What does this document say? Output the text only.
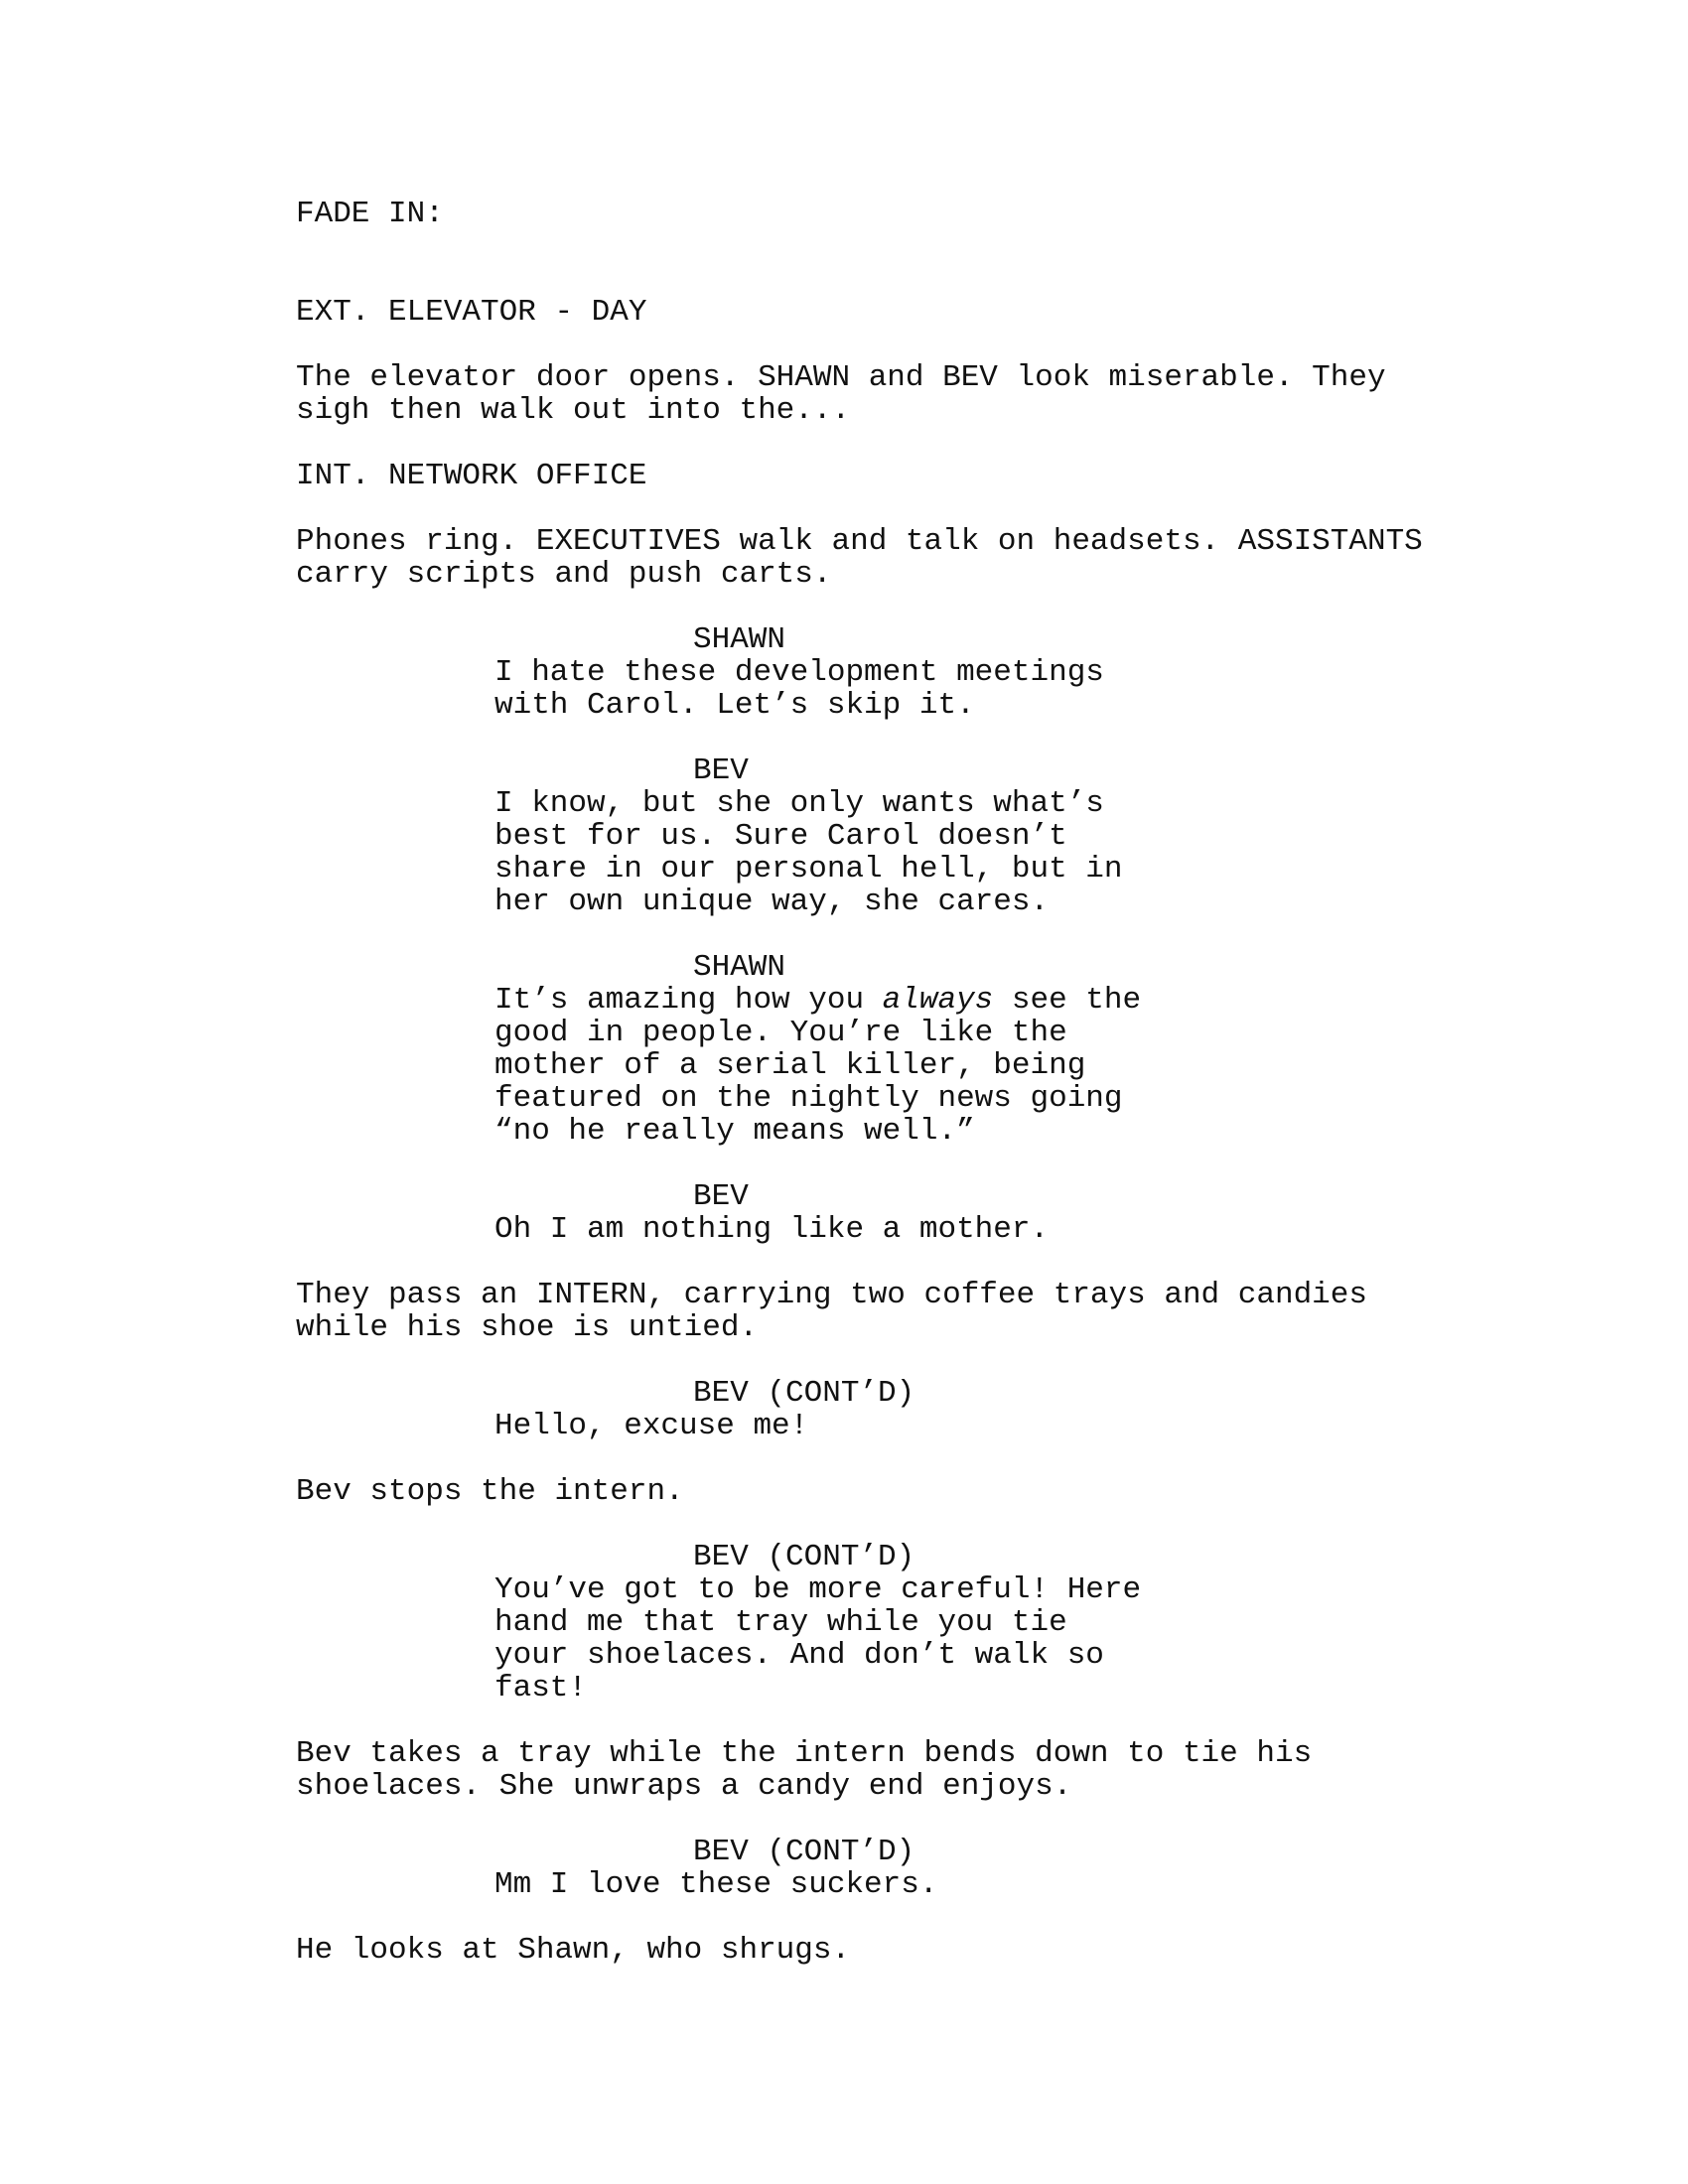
FADE IN:
EXT. ELEVATOR - DAY
The elevator door opens. SHAWN and BEV look miserable. They
sigh then walk out into the...
INT. NETWORK OFFICE
Phones ring. EXECUTIVES walk and talk on headsets. ASSISTANTS
carry scripts and push carts.
SHAWN
I hate these development meetings
with Carol. Let’s skip it.
BEV
I know, but she only wants what’s
best for us. Sure Carol doesn’t
share in our personal hell, but in
her own unique way, she cares.
SHAWN
It’s amazing how you always see the
good in people. You’re like the
mother of a serial killer, being
featured on the nightly news going
“no he really means well.”
BEV
Oh I am nothing like a mother.
They pass an INTERN, carrying two coffee trays and candies
while his shoe is untied.
BEV (CONT’D)
Hello, excuse me!
Bev stops the intern.
BEV (CONT’D)
You’ve got to be more careful! Here
hand me that tray while you tie
your shoelaces. And don’t walk so
fast!
Bev takes a tray while the intern bends down to tie his
shoelaces. She unwraps a candy end enjoys.
BEV (CONT’D)
Mm I love these suckers.
He looks at Shawn, who shrugs.
